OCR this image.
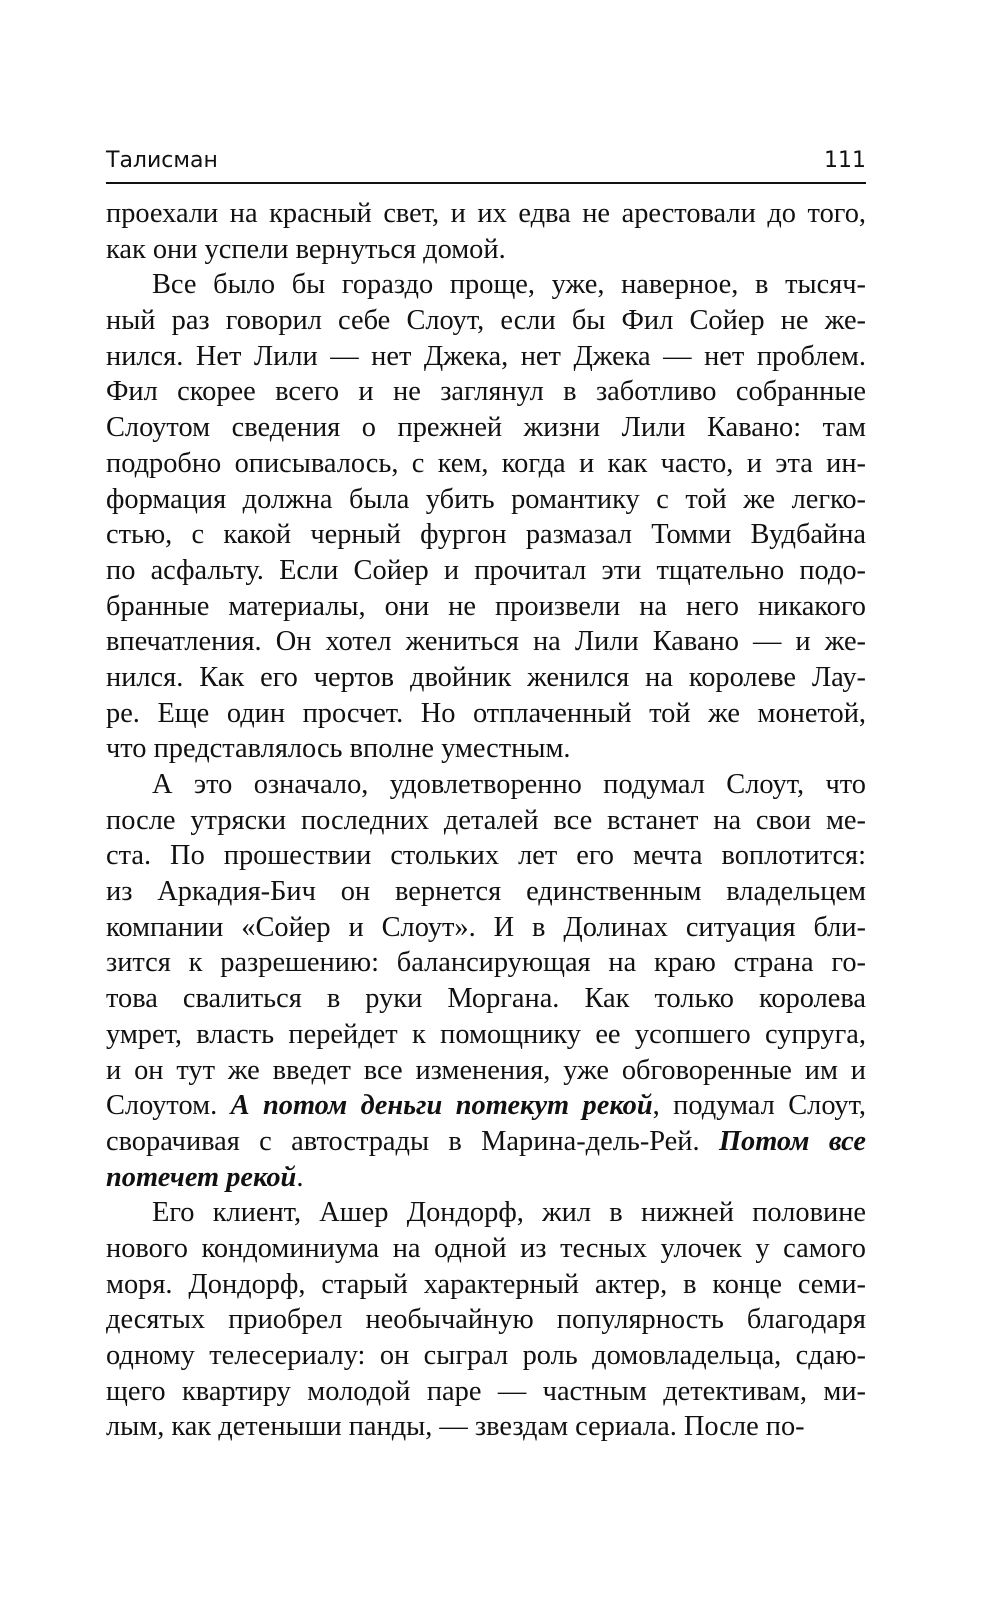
Талисман	111
проехали на красный свет, и их едва не арестовали до того,
как они успели вернуться домой.
Все было бы гораздо проще, уже, наверное, в тысяч-
ный раз говорил себе Слоут, если бы Фил Сойер не же-
нился. Нет Лили — нет Джека, нет Джека — нет проблем.
Фил скорее всего и не заглянул в заботливо собранные
Слоутом сведения о прежней жизни Лили Кавано: там
подробно описывалось, с кем, когда и как часто, и эта ин-
формация должна была убить романтику с той же легко-
стью, с какой черный фургон размазал Томми Вудбайна
по асфальту. Если Сойер и прочитал эти тщательно подо-
бранные материалы, они не произвели на него никакого
впечатления. Он хотел жениться на Лили Кавано — и же-
нился. Как его чертов двойник женился на королеве Лау-
ре. Еще один просчет. Но отплаченный той же монетой,
что представлялось вполне уместным.
А это означало, удовлетворенно подумал Слоут, что
после утряски последних деталей все встанет на свои ме-
ста. По прошествии стольких лет его мечта воплотится:
из Аркадия-Бич он вернется единственным владельцем
компании «Сойер и Слоут». И в Долинах ситуация бли-
зится к разрешению: балансирующая на краю страна го-
това свалиться в руки Моргана. Как только королева
умрет, власть перейдет к помощнику ее усопшего супруга,
и он тут же введет все изменения, уже обговоренные им и
Слоутом. А потом деньги потекут рекой, подумал Слоут,
сворачивая с автострады в Марина-дель-Рей. Потом все
потечет рекой.
Его клиент, Ашер Дондорф, жил в нижней половине
нового кондоминиума на одной из тесных улочек у самого
моря. Дондорф, старый характерный актер, в конце семи-
десятых приобрел необычайную популярность благодаря
одному телесериалу: он сыграл роль домовладельца, сдаю-
щего квартиру молодой паре — частным детективам, ми-
лым, как детеныши панды, — звездам сериала. После по-
